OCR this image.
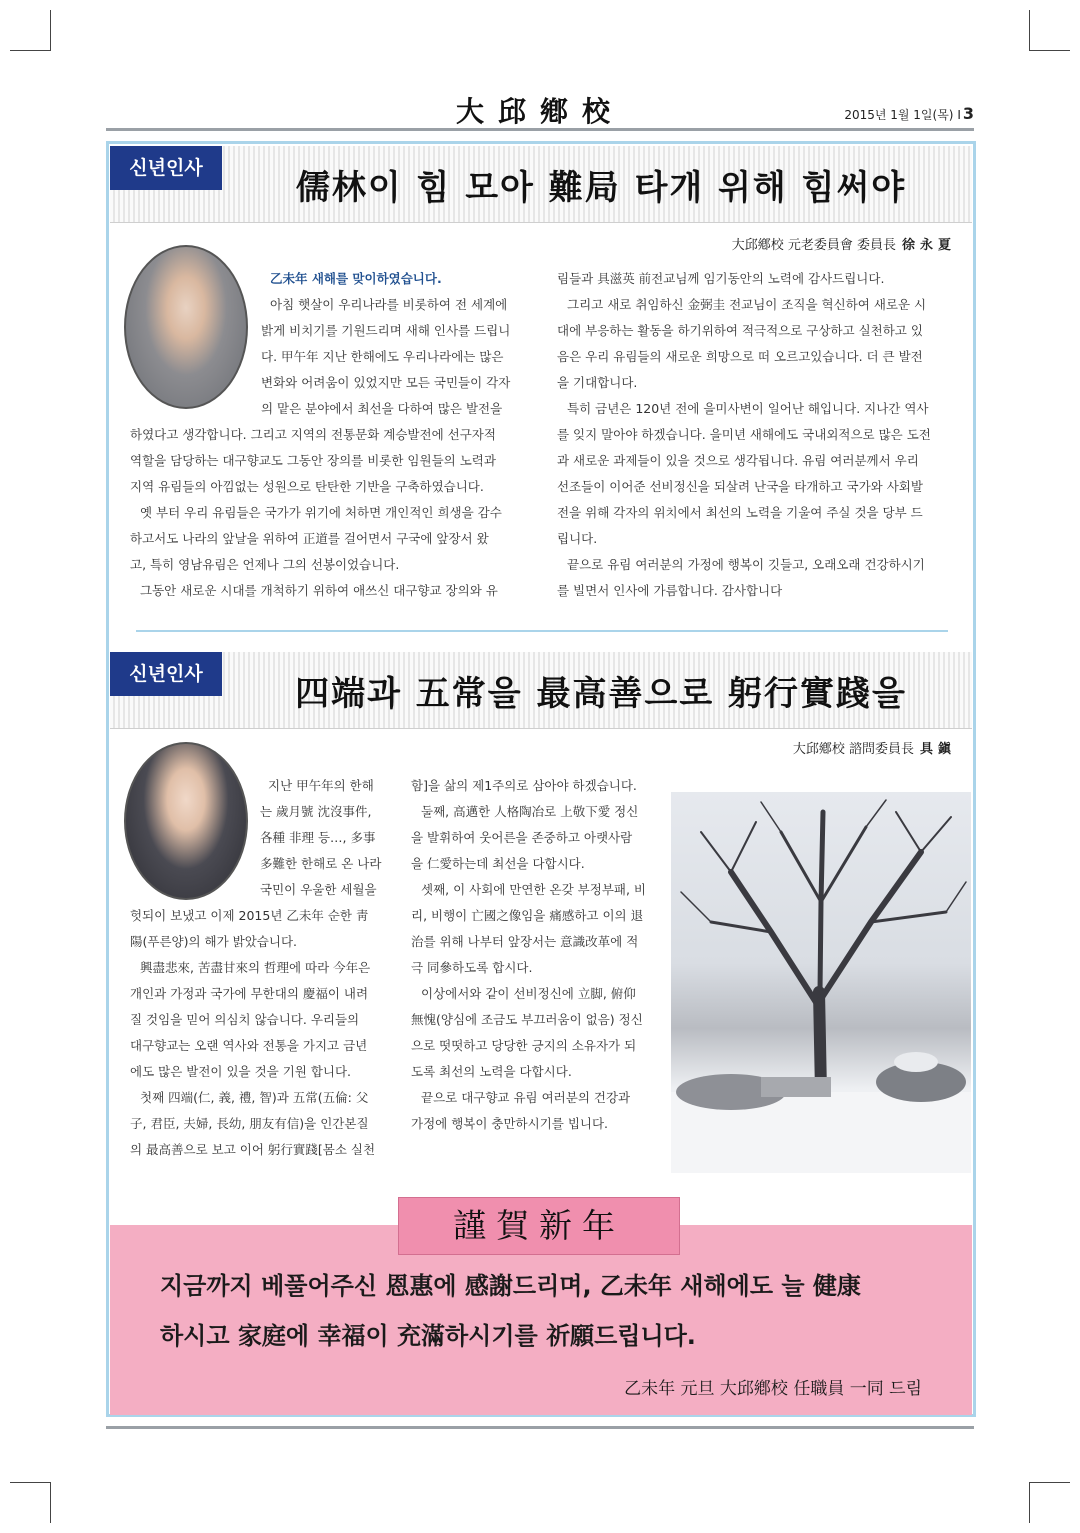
大邱鄕校	2015년 1월 1일(목) I 3
신년인사	儒林이 힘 모아 難局 타개 위해 힘써야
大邱鄕校 元老委員會 委員長 徐永夏
乙未年 새해를 맞이하였습니다.
아침 햇살이 우리나라를 비롯하여 전 세계에
밝게 비치기를 기원드리며 새해 인사를 드립니
다. 甲午年 지난 한해에도 우리나라에는 많은
변화와 어려움이 있었지만 모든 국민들이 각자
의 맡은 분야에서 최선을 다하여 많은 발전을
하였다고 생각합니다. 그리고 지역의 전통문화 계승발전에 선구자적
역할을 담당하는 대구향교도 그동안 장의를 비롯한 임원들의 노력과
지역 유림들의 아낌없는 성원으로 탄탄한 기반을 구축하였습니다.
옛 부터 우리 유림들은 국가가 위기에 처하면 개인적인 희생을 감수
하고서도 나라의 앞날을 위하여 正道를 걸어면서 구국에 앞장서 왔
고, 특히 영남유림은 언제나 그의 선봉이었습니다.
그동안 새로운 시대를 개척하기 위하여 애쓰신 대구향교 장의와 유
림들과 具滋英 前전교님께 임기동안의 노력에 감사드립니다.
그리고 새로 취임하신 金弼圭 전교님이 조직을 혁신하여 새로운 시
대에 부응하는 활동을 하기위하여 적극적으로 구상하고 실천하고 있
음은 우리 유림들의 새로운 희망으로 떠 오르고있습니다. 더 큰 발전
을 기대합니다.
특히 금년은 120년 전에 을미사변이 일어난 해입니다. 지나간 역사
를 잊지 말아야 하겠습니다. 을미년 새해에도 국내외적으로 많은 도전
과 새로운 과제들이 있을 것으로 생각됩니다. 유림 여러분께서 우리
선조들이 이어준 선비정신을 되살려 난국을 타개하고 국가와 사회발
전을 위해 각자의 위치에서 최선의 노력을 기울여 주실 것을 당부 드
립니다.
끝으로 유림 여러분의 가정에 행복이 깃들고, 오래오래 건강하시기
를 빌면서 인사에 가름합니다. 감사합니다
신년인사	四端과 五常을 最高善으로 躬行實踐을
大邱鄕校 諮問委員長 具鎭
지난 甲午年의 한해
는 歲月號 沈沒事件,
各種 非理 등…, 多事
多難한 한해로 온 나라
국민이 우울한 세월을
헛되이 보냈고 이제 2015년 乙未年 순한 靑
陽(푸른양)의 해가 밝았습니다.
興盡悲來, 苦盡甘來의 哲理에 따라 今年은
개인과 가정과 국가에 무한대의 慶福이 내려
질 것임을 믿어 의심치 않습니다. 우리들의
대구향교는 오랜 역사와 전통을 가지고 금년
에도 많은 발전이 있을 것을 기원 합니다.
첫째 四端(仁, 義, 禮, 智)과 五常(五倫: 父
子, 君臣, 夫婦, 長幼, 朋友有信)을 인간본질
의 最高善으로 보고 이어 躬行實踐[몸소 실천
함]을 삶의 제1주의로 삼아야 하겠습니다.
둘째, 高邁한 人格陶冶로 上敬下愛 정신
을 발휘하여 웃어른을 존중하고 아랫사람
을 仁愛하는데 최선을 다합시다.
셋째, 이 사회에 만연한 온갖 부정부패, 비
리, 비행이 亡國之像임을 痛感하고 이의 退
治를 위해 나부터 앞장서는 意識改革에 적
극 同參하도록 합시다.
이상에서와 같이 선비정신에 立脚, 俯仰
無愧(양심에 조금도 부끄러움이 없음) 정신
으로 떳떳하고 당당한 긍지의 소유자가 되
도록 최선의 노력을 다합시다.
끝으로 대구향교 유림 여러분의 건강과
가정에 행복이 충만하시기를 빕니다.
謹賀新年
지금까지 베풀어주신 恩惠에 感謝드리며, 乙未年 새해에도 늘 健康
하시고 家庭에 幸福이 充滿하시기를 祈願드립니다.
乙未年 元旦 大邱鄕校 任職員 一同 드림
